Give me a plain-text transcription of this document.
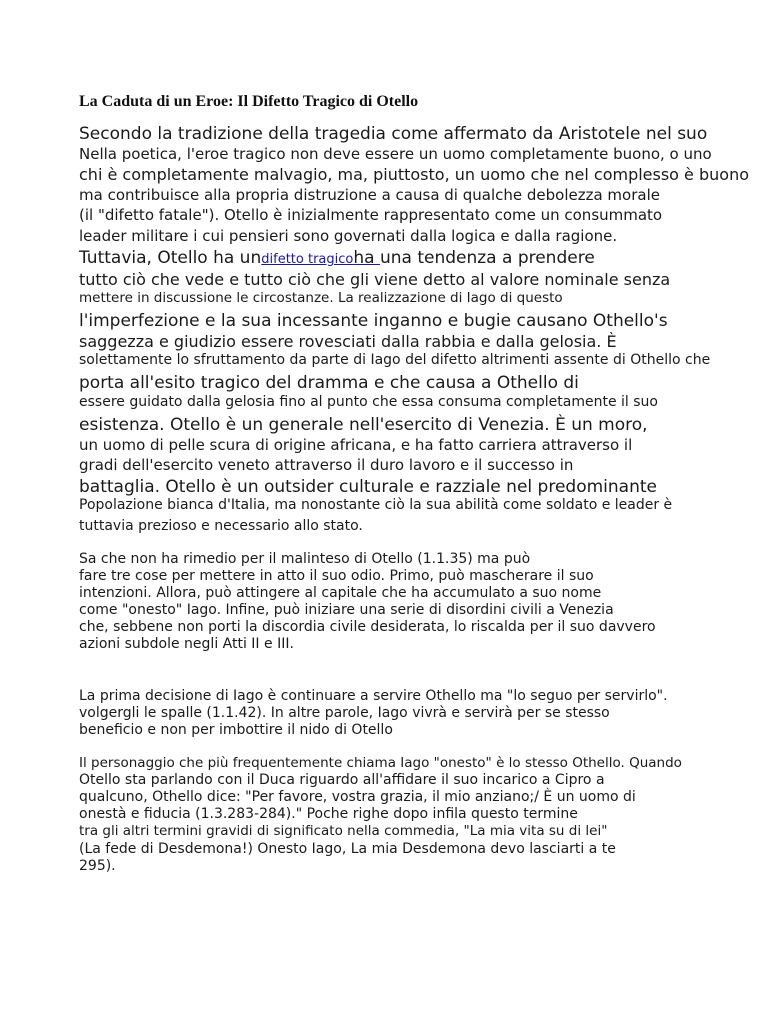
La Caduta di un Eroe: Il Difetto Tragico di Otello
Secondo la tradizione della tragedia come affermato da Aristotele nel suo
Nella poetica, l'eroe tragico non deve essere un uomo completamente buono, o uno
chi è completamente malvagio, ma, piuttosto, un uomo che nel complesso è buono
ma contribuisce alla propria distruzione a causa di qualche debolezza morale
(il "difetto fatale"). Otello è inizialmente rappresentato come un consummato
leader militare i cui pensieri sono governati dalla logica e dalla ragione.
Tuttavia, Otello ha undifetto tragicoha una tendenza a prendere
tutto ciò che vede e tutto ciò che gli viene detto al valore nominale senza
mettere in discussione le circostanze. La realizzazione di Iago di questo
l'imperfezione e la sua incessante inganno e bugie causano Othello's
saggezza e giudizio essere rovesciati dalla rabbia e dalla gelosia. È
solettamente lo sfruttamento da parte di Iago del difetto altrimenti assente di Othello che
porta all'esito tragico del dramma e che causa a Othello di
essere guidato dalla gelosia fino al punto che essa consuma completamente il suo
esistenza. Otello è un generale nell'esercito di Venezia. È un moro,
un uomo di pelle scura di origine africana, e ha fatto carriera attraverso il
gradi dell'esercito veneto attraverso il duro lavoro e il successo in
battaglia. Otello è un outsider culturale e razziale nel predominante
Popolazione bianca d'Italia, ma nonostante ciò la sua abilità come soldato e leader è
tuttavia prezioso e necessario allo stato.
Sa che non ha rimedio per il malinteso di Otello (1.1.35) ma può
fare tre cose per mettere in atto il suo odio. Primo, può mascherare il suo
intenzioni. Allora, può attingere al capitale che ha accumulato a suo nome
come "onesto" Iago. Infine, può iniziare una serie di disordini civili a Venezia
che, sebbene non porti la discordia civile desiderata, lo riscalda per il suo davvero
azioni subdole negli Atti II e III.
La prima decisione di Iago è continuare a servire Othello ma "lo seguo per servirlo".
volgergli le spalle (1.1.42). In altre parole, Iago vivrà e servirà per se stesso
beneficio e non per imbottire il nido di Otello
Il personaggio che più frequentemente chiama Iago "onesto" è lo stesso Othello. Quando
Otello sta parlando con il Duca riguardo all'affidare il suo incarico a Cipro a
qualcuno, Othello dice: "Per favore, vostra grazia, il mio anziano;/ È un uomo di
onestà e fiducia (1.3.283-284)." Poche righe dopo infila questo termine
tra gli altri termini gravidi di significato nella commedia, "La mia vita su di lei"
(La fede di Desdemona!) Onesto Iago, La mia Desdemona devo lasciarti a te
295).
